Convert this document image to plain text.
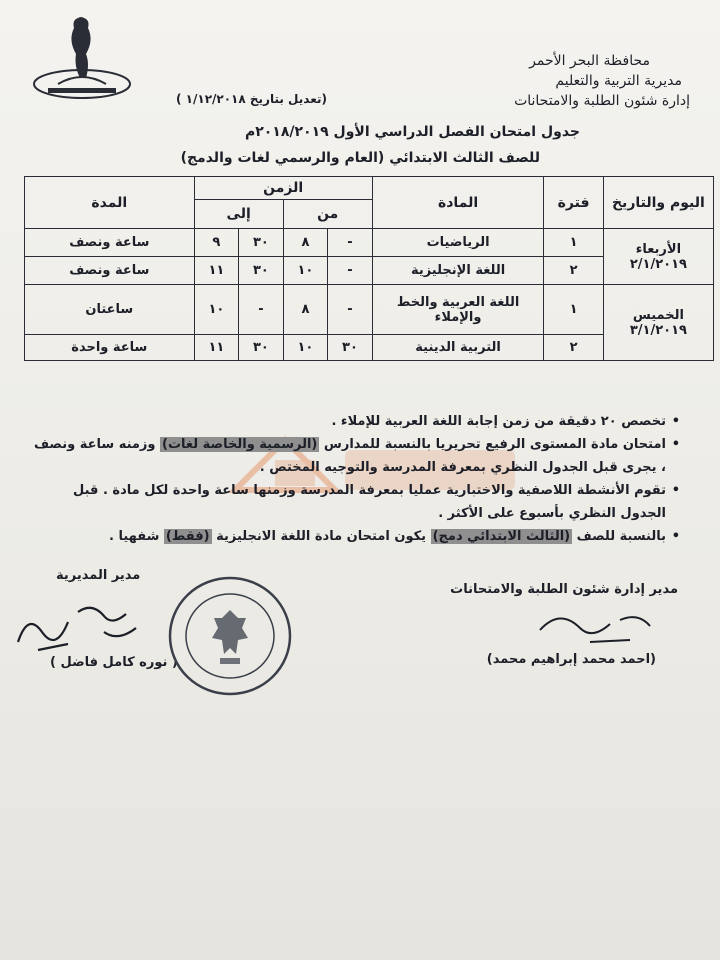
محافظة البحر الأحمر
مديرية التربية والتعليم
إدارة شئون الطلبة والامتحانات
(تعديل بتاريخ ١/١٢/٢٠١٨ )
جدول امتحان الفصل الدراسي الأول ٢٠١٨/٢٠١٩م
للصف الثالث الابتدائي (العام والرسمي لغات والدمج)
اليوم والتاريخ	فترة	المادة	الزمن				المدة
			من		إلى		

الأربعاء
٢/١/٢٠١٩	١	الرياضيات	-	٨	٣٠	٩	ساعة ونصف
	٢	اللغة الإنجليزية	-	١٠	٣٠	١١	ساعة ونصف

الخميس
٣/١/٢٠١٩	١	اللغة العربية والخط والإملاء	-	٨	-	١٠	ساعتان
	٢	التربية الدينية	٣٠	١٠	٣٠	١١	ساعة واحدة
• تخصص ٢٠ دقيقة من زمن إجابة اللغة العربية للإملاء .
• امتحان مادة المستوى الرفيع تحريريا بالنسبة للمدارس (الرسمية والخاصة لغات) وزمنه ساعة ونصف ، يجرى قبل الجدول النظري بمعرفة المدرسة والتوجيه المختص .
• تقوم الأنشطة اللاصفية والاختبارية عمليا بمعرفة المدرسة وزمنها ساعة واحدة لكل مادة . قبل الجدول النظري بأسبوع على الأكثر .
• بالنسبة للصف (الثالث الابتدائي دمج) يكون امتحان مادة اللغة الانجليزية (فقط) شفهيا .
مدير المديرية
مدير إدارة شئون الطلبة والامتحانات
( نوره كامل فاضل )	(احمد محمد إبراهيم محمد)
